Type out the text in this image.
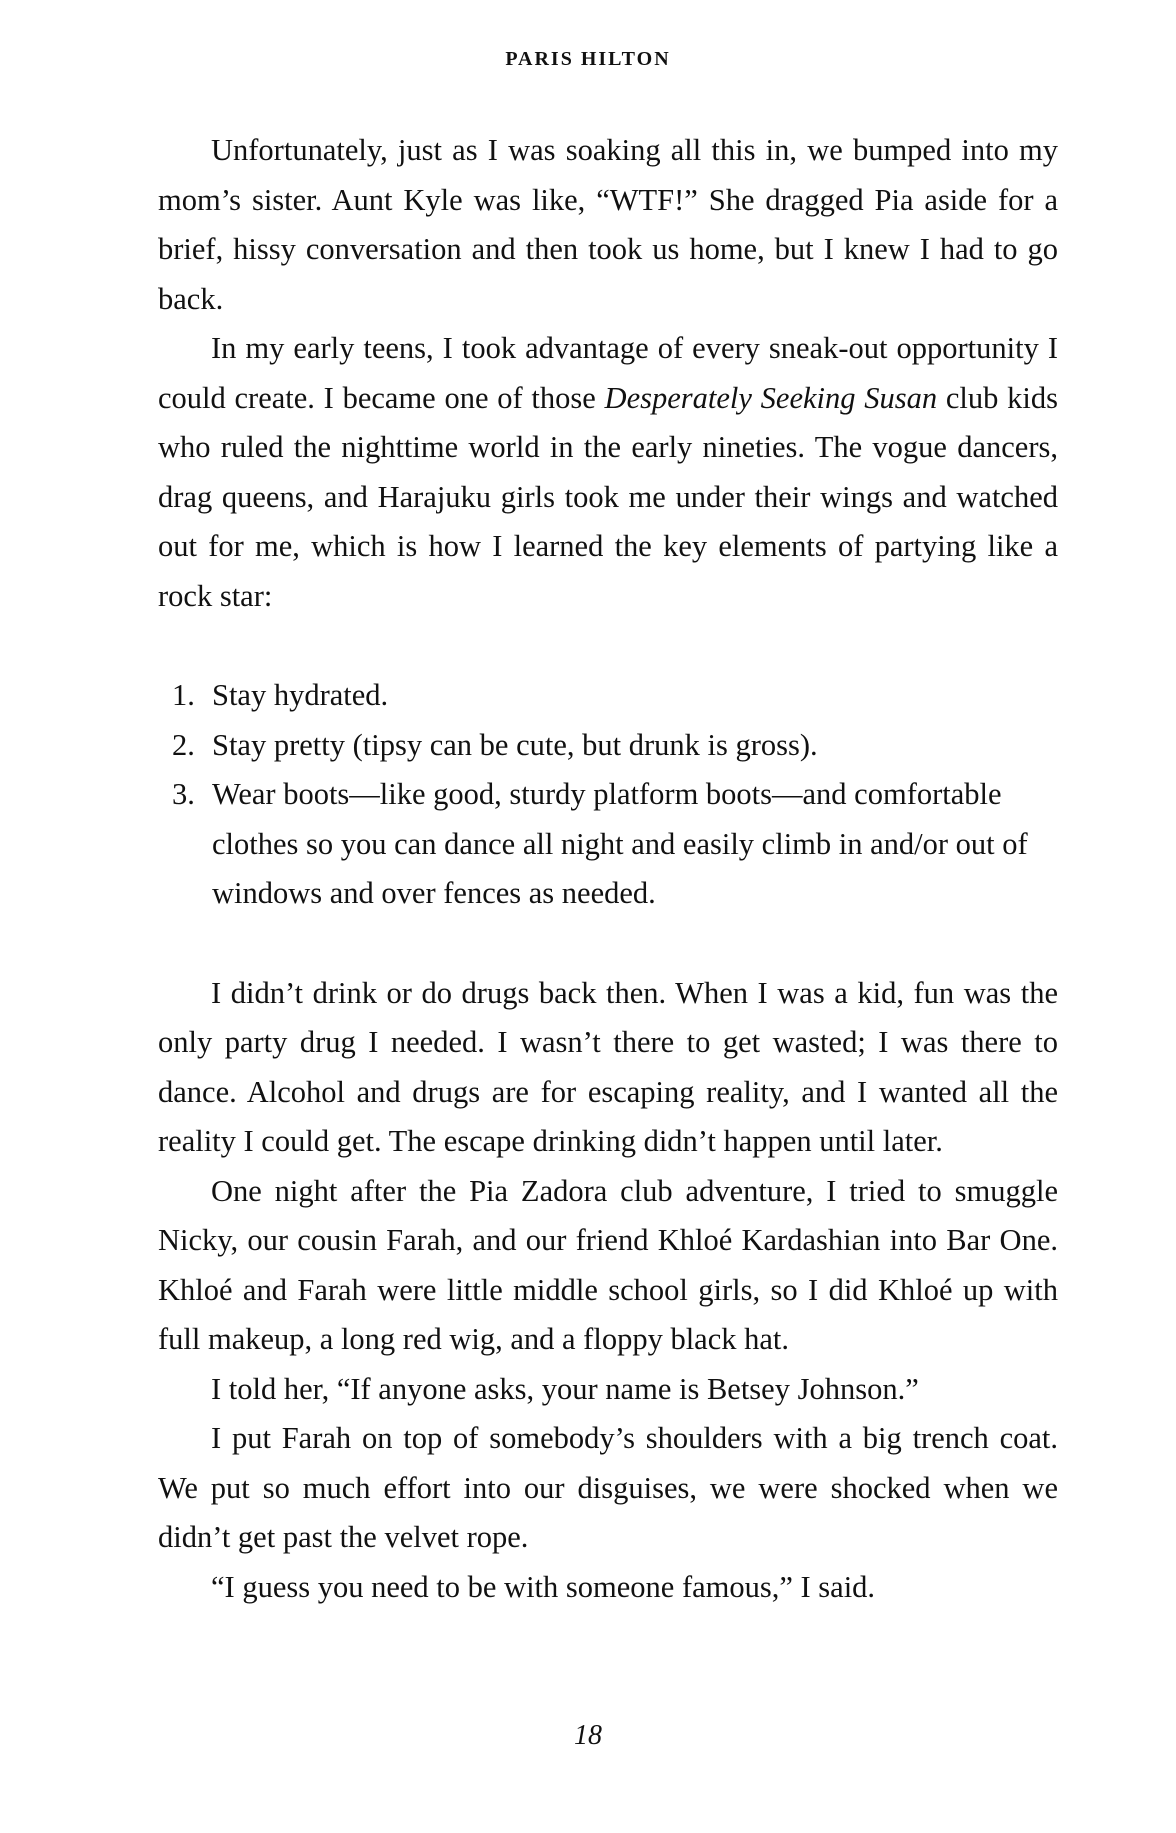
PARIS HILTON

Unfortunately, just as I was soaking all this in, we bumped into my mom’s sister. Aunt Kyle was like, “WTF!” She dragged Pia aside for a brief, hissy conversation and then took us home, but I knew I had to go back.

In my early teens, I took advantage of every sneak-out opportunity I could create. I became one of those Desperately Seeking Susan club kids who ruled the nighttime world in the early nineties. The vogue dancers, drag queens, and Harajuku girls took me under their wings and watched out for me, which is how I learned the key elements of partying like a rock star:

1. Stay hydrated.
2. Stay pretty (tipsy can be cute, but drunk is gross).
3. Wear boots—like good, sturdy platform boots—and comfortable clothes so you can dance all night and easily climb in and/or out of windows and over fences as needed.

I didn’t drink or do drugs back then. When I was a kid, fun was the only party drug I needed. I wasn’t there to get wasted; I was there to dance. Alcohol and drugs are for escaping reality, and I wanted all the reality I could get. The escape drinking didn’t happen until later.

One night after the Pia Zadora club adventure, I tried to smuggle Nicky, our cousin Farah, and our friend Khloé Kardashian into Bar One. Khloé and Farah were little middle school girls, so I did Khloé up with full makeup, a long red wig, and a floppy black hat.

I told her, “If anyone asks, your name is Betsey Johnson.”

I put Farah on top of somebody’s shoulders with a big trench coat. We put so much effort into our disguises, we were shocked when we didn’t get past the velvet rope.

“I guess you need to be with someone famous,” I said.

18
